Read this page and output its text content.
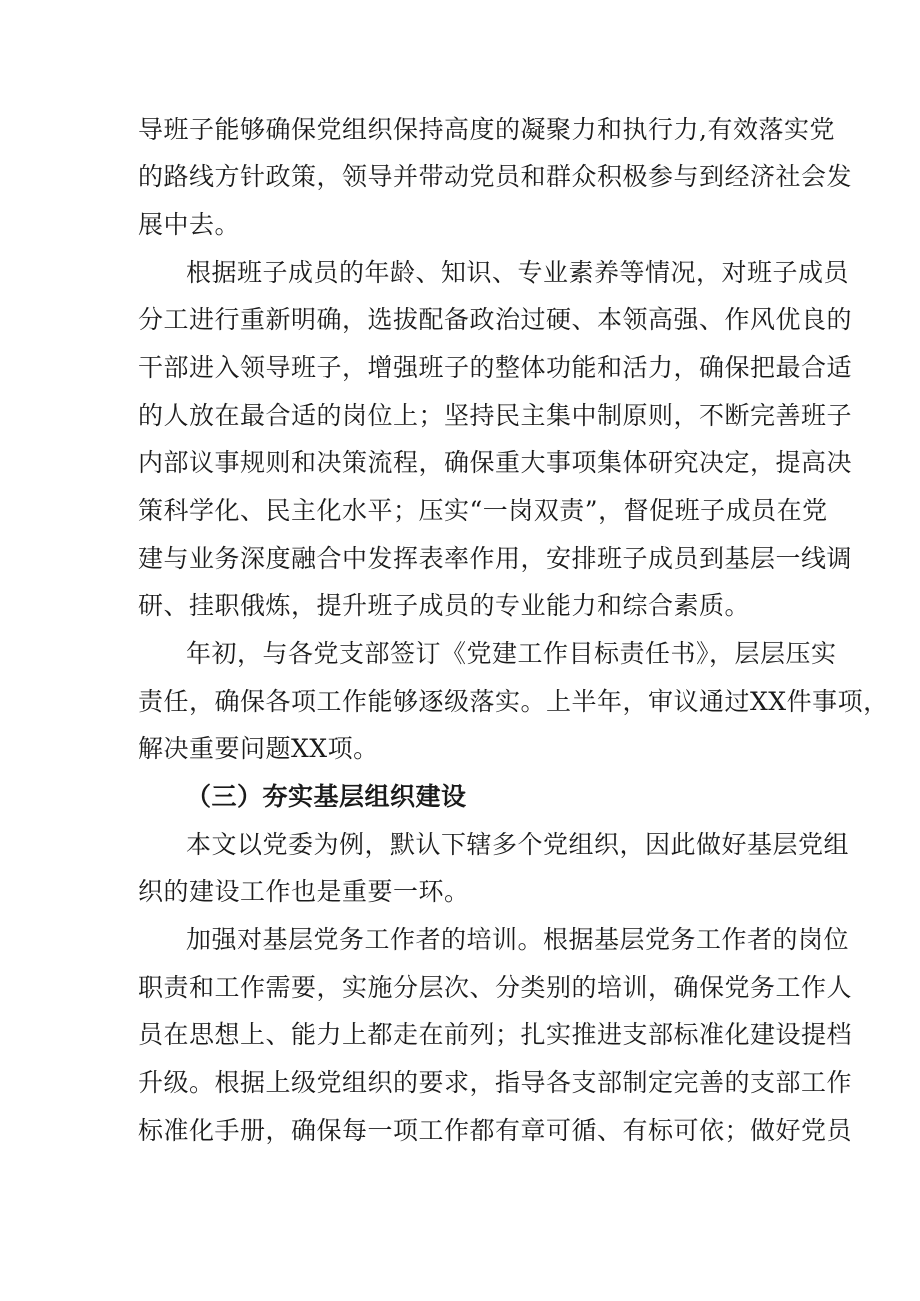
导班子能够确保党组织保持高度的凝聚力和执行力,有效落实党
的路线方针政策，领导并带动党员和群众积极参与到经济社会发
展中去。
根据班子成员的年龄、知识、专业素养等情况，对班子成员
分工进行重新明确，选拔配备政治过硬、本领高强、作风优良的
干部进入领导班子，增强班子的整体功能和活力，确保把最合适
的人放在最合适的岗位上；坚持民主集中制原则，不断完善班子
内部议事规则和决策流程，确保重大事项集体研究决定，提高决
策科学化、民主化水平；压实“一岗双责”，督促班子成员在党
建与业务深度融合中发挥表率作用，安排班子成员到基层一线调
研、挂职俄炼，提升班子成员的专业能力和综合素质。
年初，与各党支部签订《党建工作目标责任书》，层层压实
责任，确保各项工作能够逐级落实。上半年，审议通过XX件事项，
解决重要问题XX项。
（三）夯实基层组织建设
本文以党委为例，默认下辖多个党组织，因此做好基层党组
织的建设工作也是重要一环。
加强对基层党务工作者的培训。根据基层党务工作者的岗位
职责和工作需要，实施分层次、分类别的培训，确保党务工作人
员在思想上、能力上都走在前列；扎实推进支部标准化建设提档
升级。根据上级党组织的要求，指导各支部制定完善的支部工作
标准化手册，确保每一项工作都有章可循、有标可依；做好党员
